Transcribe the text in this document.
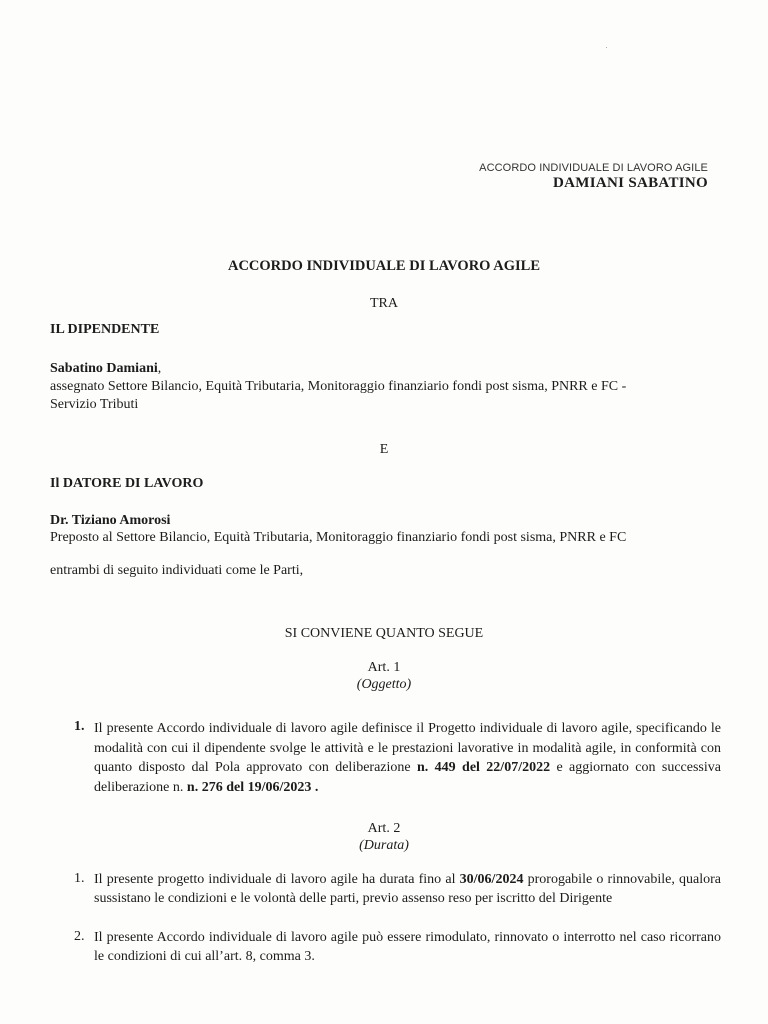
ACCORDO INDIVIDUALE DI LAVORO AGILE
DAMIANI SABATINO
ACCORDO INDIVIDUALE DI LAVORO AGILE
TRA
IL DIPENDENTE
Sabatino Damiani,
assegnato Settore Bilancio, Equità Tributaria, Monitoraggio finanziario fondi post sisma, PNRR e FC -
Servizio Tributi
E
Il DATORE DI LAVORO
Dr. Tiziano Amorosi
Preposto al Settore Bilancio, Equità Tributaria, Monitoraggio finanziario fondi post sisma, PNRR e FC
entrambi di seguito individuati come le Parti,
SI CONVIENE QUANTO SEGUE
Art. 1
(Oggetto)
1. Il presente Accordo individuale di lavoro agile definisce il Progetto individuale di lavoro agile, specificando le modalità con cui il dipendente svolge le attività e le prestazioni lavorative in modalità agile, in conformità con quanto disposto dal Pola approvato con deliberazione n. 449 del 22/07/2022 e aggiornato con successiva deliberazione n. n. 276 del 19/06/2023 .
Art. 2
(Durata)
1. Il presente progetto individuale di lavoro agile ha durata fino al 30/06/2024 prorogabile o rinnovabile, qualora sussistano le condizioni e le volontà delle parti, previo assenso reso per iscritto del Dirigente
2. Il presente Accordo individuale di lavoro agile può essere rimodulato, rinnovato o interrotto nel caso ricorrano le condizioni di cui all’art. 8, comma 3.
